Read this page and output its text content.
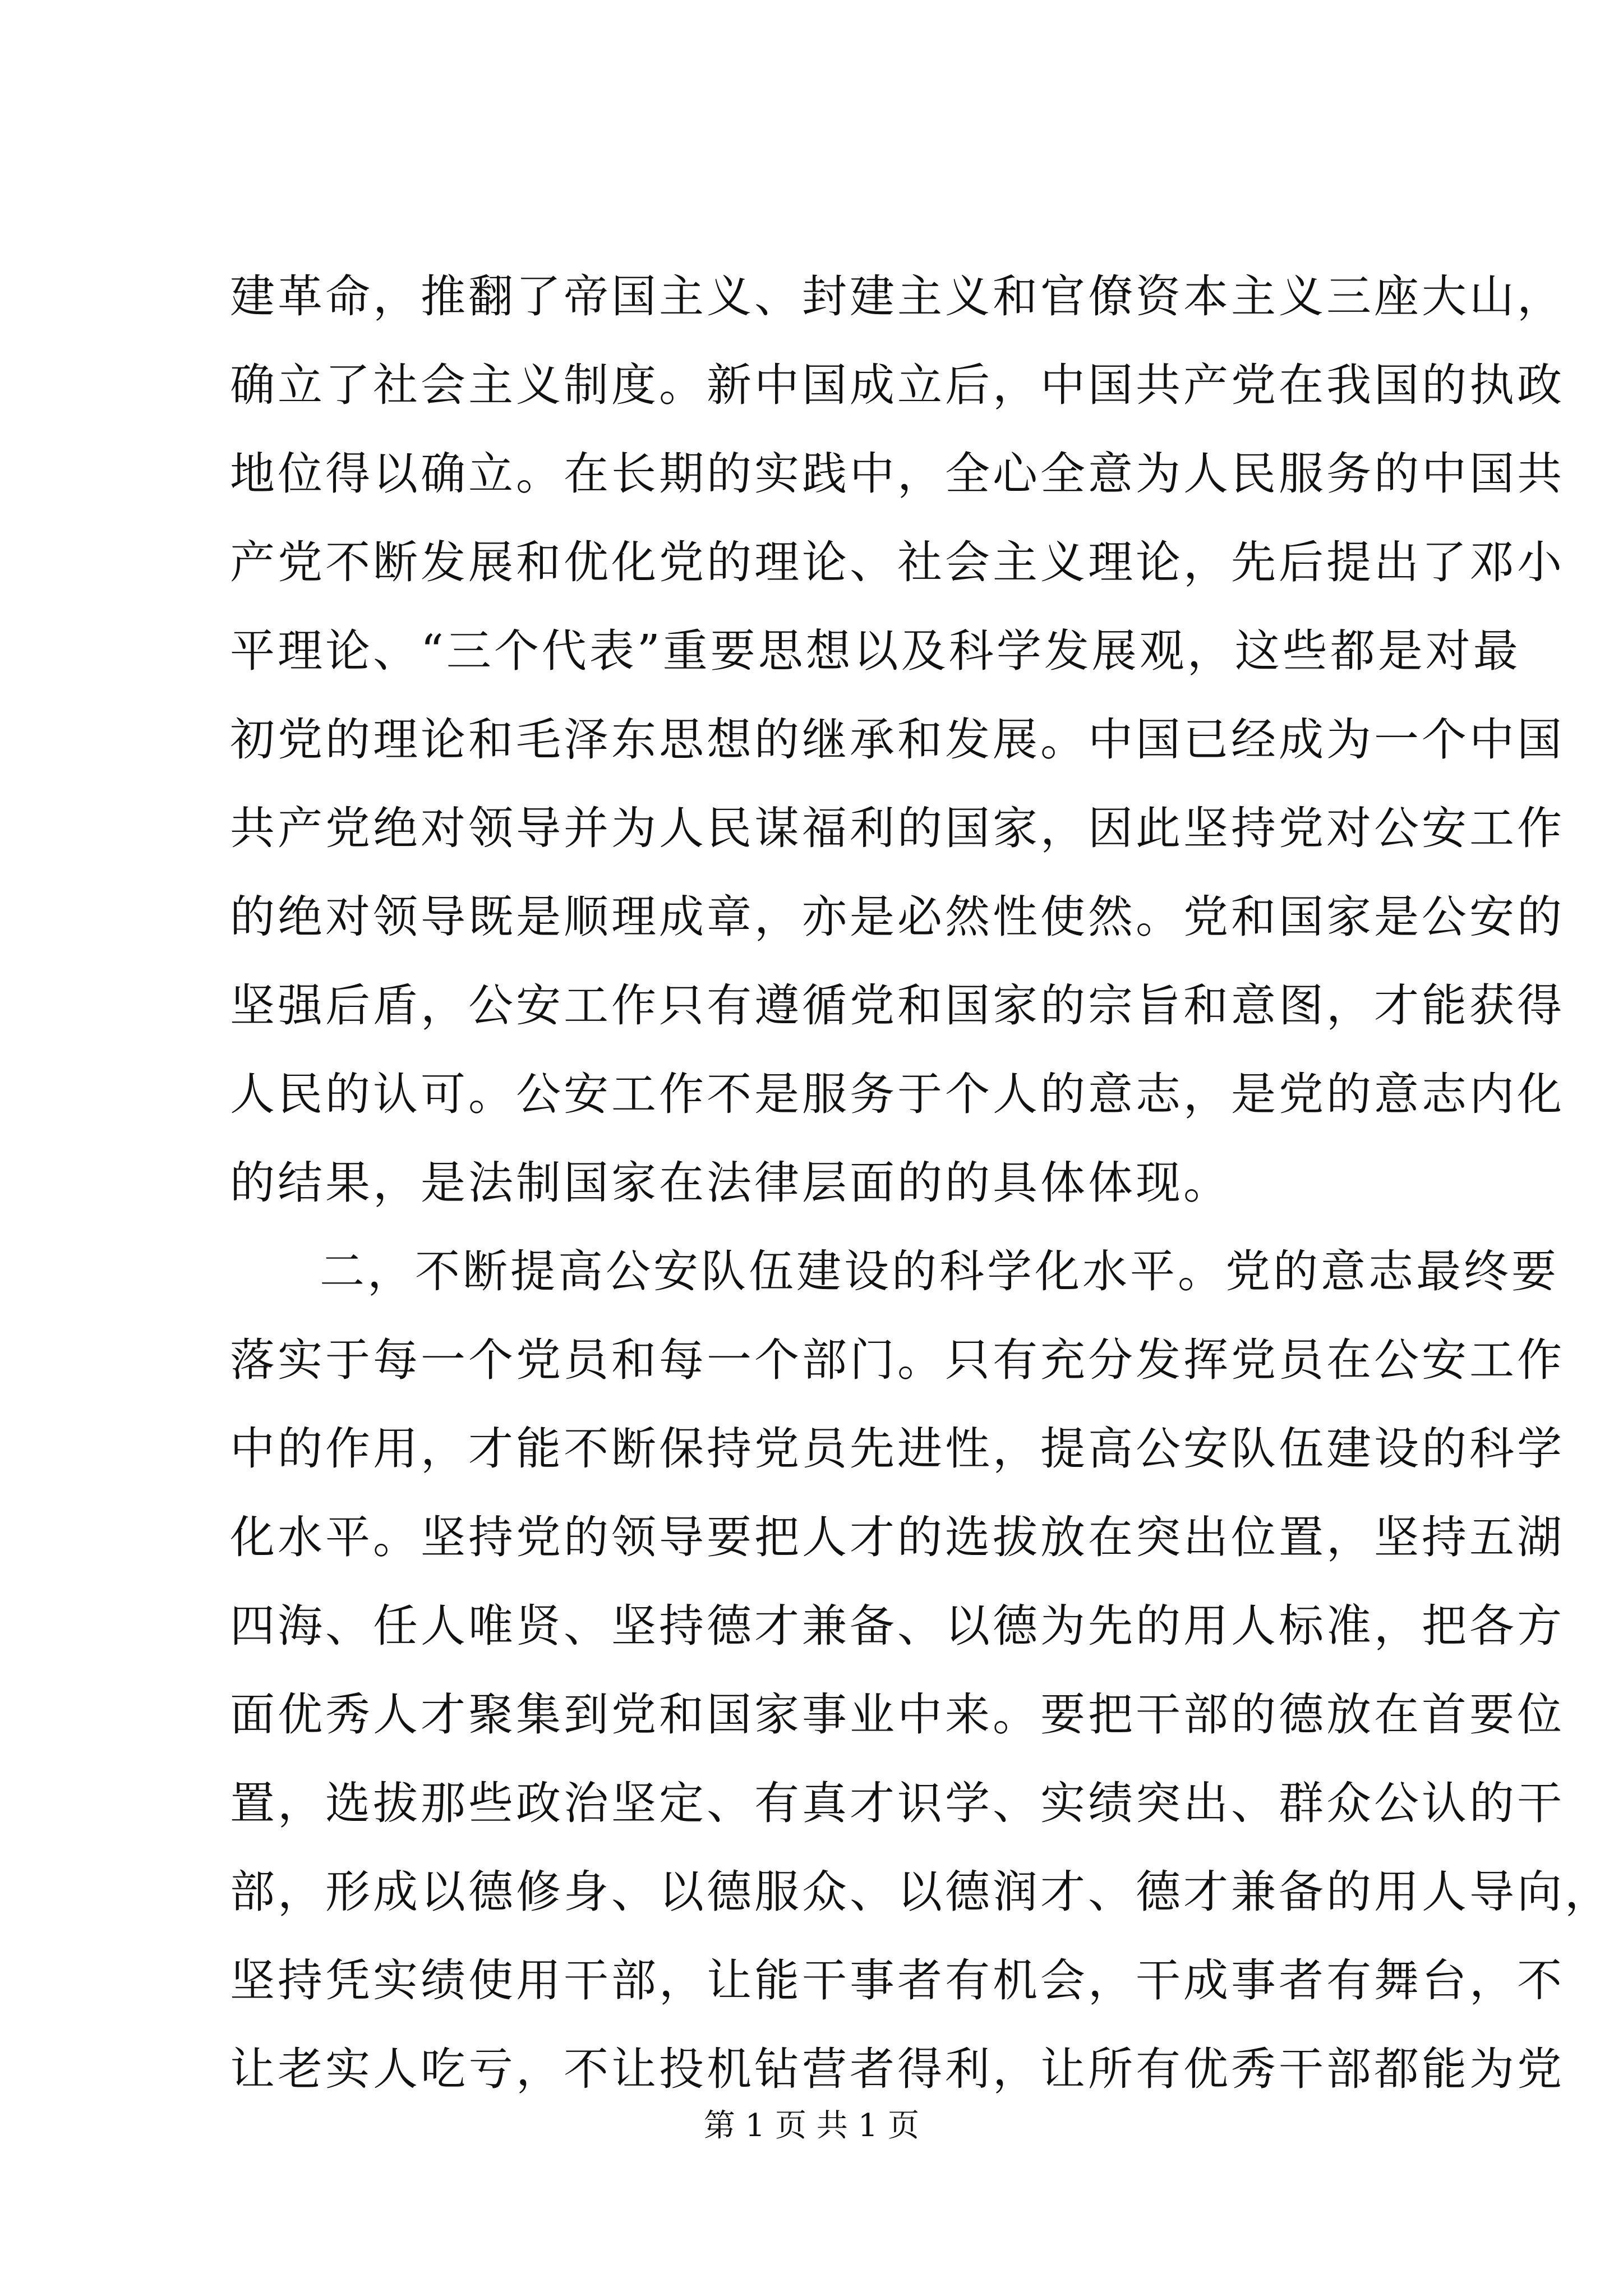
建革命，推翻了帝国主义、封建主义和官僚资本主义三座大山，
确立了社会主义制度。新中国成立后，中国共产党在我国的执政
地位得以确立。在长期的实践中，全心全意为人民服务的中国共
产党不断发展和优化党的理论、社会主义理论，先后提出了邓小
平理论、“三个代表”重要思想以及科学发展观，这些都是对最
初党的理论和毛泽东思想的继承和发展。中国已经成为一个中国
共产党绝对领导并为人民谋福利的国家，因此坚持党对公安工作
的绝对领导既是顺理成章，亦是必然性使然。党和国家是公安的
坚强后盾，公安工作只有遵循党和国家的宗旨和意图，才能获得
人民的认可。公安工作不是服务于个人的意志，是党的意志内化
的结果，是法制国家在法律层面的的具体体现。
二，不断提高公安队伍建设的科学化水平。党的意志最终要
落实于每一个党员和每一个部门。只有充分发挥党员在公安工作
中的作用，才能不断保持党员先进性，提高公安队伍建设的科学
化水平。坚持党的领导要把人才的选拔放在突出位置，坚持五湖
四海、任人唯贤、坚持德才兼备、以德为先的用人标准，把各方
面优秀人才聚集到党和国家事业中来。要把干部的德放在首要位
置，选拔那些政治坚定、有真才识学、实绩突出、群众公认的干
部，形成以德修身、以德服众、以德润才、德才兼备的用人导向，
坚持凭实绩使用干部，让能干事者有机会，干成事者有舞台，不
让老实人吃亏，不让投机钻营者得利，让所有优秀干部都能为党
第 1 页 共 1 页
